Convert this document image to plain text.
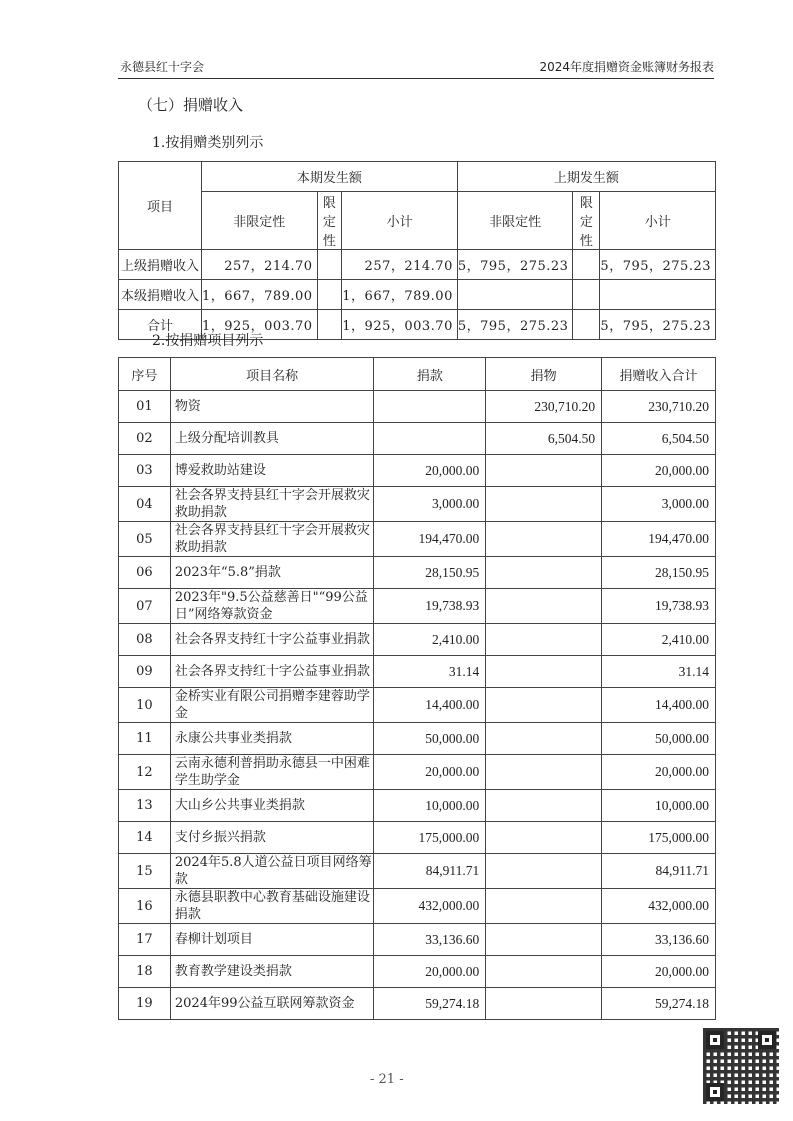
永德县红十字会	2024年度捐赠资金账簿财务报表
（七）捐赠收入
1.按捐赠类别列示
项目	本期发生额			上期发生额		
	非限定性	限定性	小计	非限定性	限定性	小计
上级捐赠收入	257，214.70		257，214.70	5，795，275.23		5，795，275.23
本级捐赠收入	1，667，789.00		1，667，789.00			
合计	1，925，003.70		1，925，003.70	5，795，275.23		5，795，275.23
2.按捐赠项目列示
序号	项目名称	捐款	捐物	捐赠收入合计
01	物资		230,710.20	230,710.20
02	上级分配培训教具		6,504.50	6,504.50
03	博爱救助站建设	20,000.00		20,000.00
04	社会各界支持县红十字会开展救灾救助捐款	3,000.00		3,000.00
05	社会各界支持县红十字会开展救灾救助捐款	194,470.00		194,470.00
06	2023年“5.8”捐款	28,150.95		28,150.95
07	2023年"9.5公益慈善日"“99公益日”网络筹款资金	19,738.93		19,738.93
08	社会各界支持红十字公益事业捐款	2,410.00		2,410.00
09	社会各界支持红十字公益事业捐款	31.14		31.14
10	金桥实业有限公司捐赠李建蓉助学金	14,400.00		14,400.00
11	永康公共事业类捐款	50,000.00		50,000.00
12	云南永德利普捐助永德县一中困难学生助学金	20,000.00		20,000.00
13	大山乡公共事业类捐款	10,000.00		10,000.00
14	支付乡振兴捐款	175,000.00		175,000.00
15	2024年5.8人道公益日项目网络筹款	84,911.71		84,911.71
16	永德县职教中心教育基础设施建设捐款	432,000.00		432,000.00
17	春柳计划项目	33,136.60		33,136.60
18	教育教学建设类捐款	20,000.00		20,000.00
19	2024年99公益互联网筹款资金	59,274.18		59,274.18
- 21 -
